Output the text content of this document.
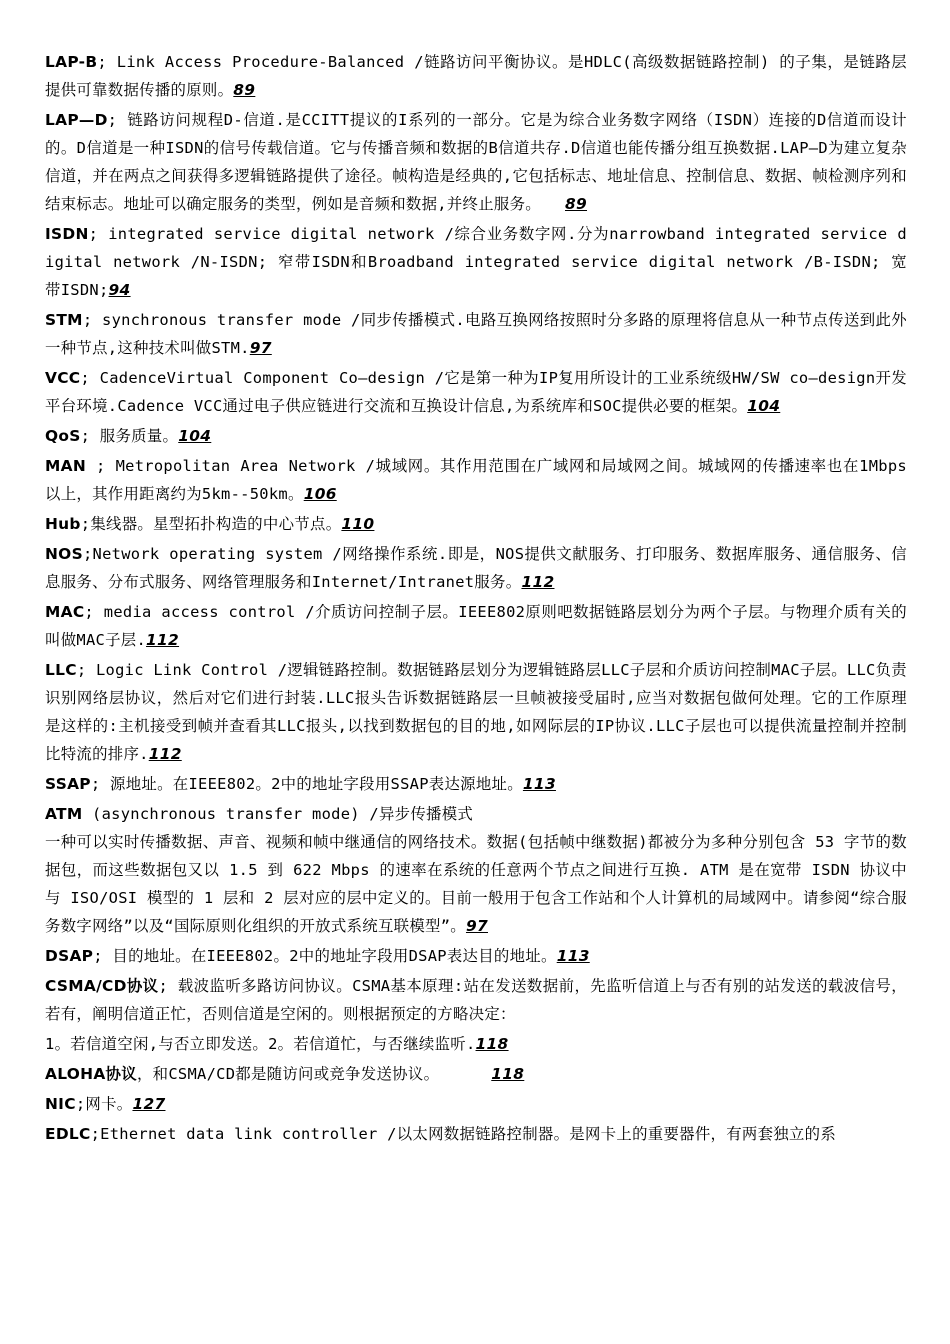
LAP-B; Link Access Procedure-Balanced /链路访问平衡协议。是HDLC(高级数据链路控制) 的子集，是链路层提供可靠数据传播的原则。89

LAP—D; 链路访问规程D-信道.是CCITT提议的I系列的一部分。它是为综合业务数字网络（ISDN）连接的D信道而设计的。D信道是一种ISDN的信号传载信道。它与传播音频和数据的B信道共存.D信道也能传播分组互换数据.LAP—D为建立复杂信道，并在两点之间获得多逻辑链路提供了途径。帧构造是经典的,它包括标志、地址信息、控制信息、数据、帧检测序列和结束标志。地址可以确定服务的类型，例如是音频和数据,并终止服务。 89

ISDN; integrated service digital network /综合业务数字网.分为narrowband integrated service digital network /N-ISDN; 窄带ISDN和Broadband integrated service digital network /B-ISDN; 宽带ISDN;94

STM; synchronous transfer mode /同步传播模式.电路互换网络按照时分多路的原理将信息从一种节点传送到此外一种节点,这种技术叫做STM.97

VCC; CadenceVirtual Component Co—design /它是第一种为IP复用所设计的工业系统级HW/SW co—design开发平台环境.Cadence VCC通过电子供应链进行交流和互换设计信息,为系统库和SOC提供必要的框架。104

QoS; 服务质量。104

MAN ; Metropolitan Area Network /城域网。其作用范围在广域网和局域网之间。城域网的传播速率也在1Mbps以上，其作用距离约为5km--50km。106

Hub;集线器。星型拓扑构造的中心节点。110

NOS;Network operating system /网络操作系统.即是，NOS提供文献服务、打印服务、数据库服务、通信服务、信息服务、分布式服务、网络管理服务和Internet/Intranet服务。112

MAC; media access control /介质访问控制子层。IEEE802原则吧数据链路层划分为两个子层。与物理介质有关的叫做MAC子层.112

LLC; Logic Link Control /逻辑链路控制。数据链路层划分为逻辑链路层LLC子层和介质访问控制MAC子层。LLC负责识别网络层协议，然后对它们进行封装.LLC报头告诉数据链路层一旦帧被接受届时,应当对数据包做何处理。它的工作原理是这样的:主机接受到帧并查看其LLC报头,以找到数据包的目的地,如网际层的IP协议.LLC子层也可以提供流量控制并控制比特流的排序.112

SSAP; 源地址。在IEEE802。2中的地址字段用SSAP表达源地址。113

ATM (asynchronous transfer mode) /异步传播模式

一种可以实时传播数据、声音、视频和帧中继通信的网络技术。数据(包括帧中继数据)都被分为多种分别包含 53 字节的数据包，而这些数据包又以 1.5 到 622 Mbps 的速率在系统的任意两个节点之间进行互换. ATM 是在宽带 ISDN 协议中与 ISO/OSI 模型的 1 层和 2 层对应的层中定义的。目前一般用于包含工作站和个人计算机的局域网中。请参阅“综合服务数字网络”以及“国际原则化组织的开放式系统互联模型”。97

DSAP; 目的地址。在IEEE802。2中的地址字段用DSAP表达目的地址。113

CSMA/CD协议; 载波监听多路访问协议。CSMA基本原理:站在发送数据前，先监听信道上与否有别的站发送的载波信号，若有，阐明信道正忙，否则信道是空闲的。则根据预定的方略决定：

1。若信道空闲,与否立即发送。2。若信道忙，与否继续监听.118

ALOHA协议，和CSMA/CD都是随访问或竞争发送协议。	118

NIC;网卡。127

EDLC;Ethernet data link controller /以太网数据链路控制器。是网卡上的重要器件，有两套独立的系
